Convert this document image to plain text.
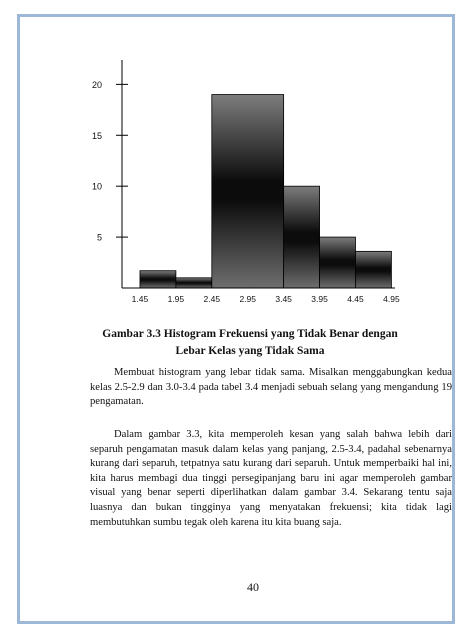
5
10
15
20
1.45 1.95 2.45 2.95 3.45 3.95 4.45 4.95
Gambar 3.3 Histogram Frekuensi yang Tidak Benar dengan
Lebar Kelas yang Tidak Sama

Membuat histogram yang lebar tidak sama. Misalkan menggabungkan kedua kelas 2.5-2.9 dan 3.0-3.4 pada tabel 3.4 menjadi sebuah selang yang mengandung 19 pengamatan.

Dalam gambar 3.3, kita memperoleh kesan yang salah bahwa lebih dari separuh pengamatan masuk dalam kelas yang panjang, 2.5-3.4, padahal sebenarnya kurang dari separuh, tetpatnya satu kurang dari separuh. Untuk memperbaiki hal ini, kita harus membagi dua tinggi persegipanjang baru ini agar memperoleh gambar visual yang benar seperti diperlihatkan dalam gambar 3.4. Sekarang tentu saja luasnya dan bukan tingginya yang menyatakan frekuensi; kita tidak lagi membutuhkan sumbu tegak oleh karena itu kita buang saja.

40
